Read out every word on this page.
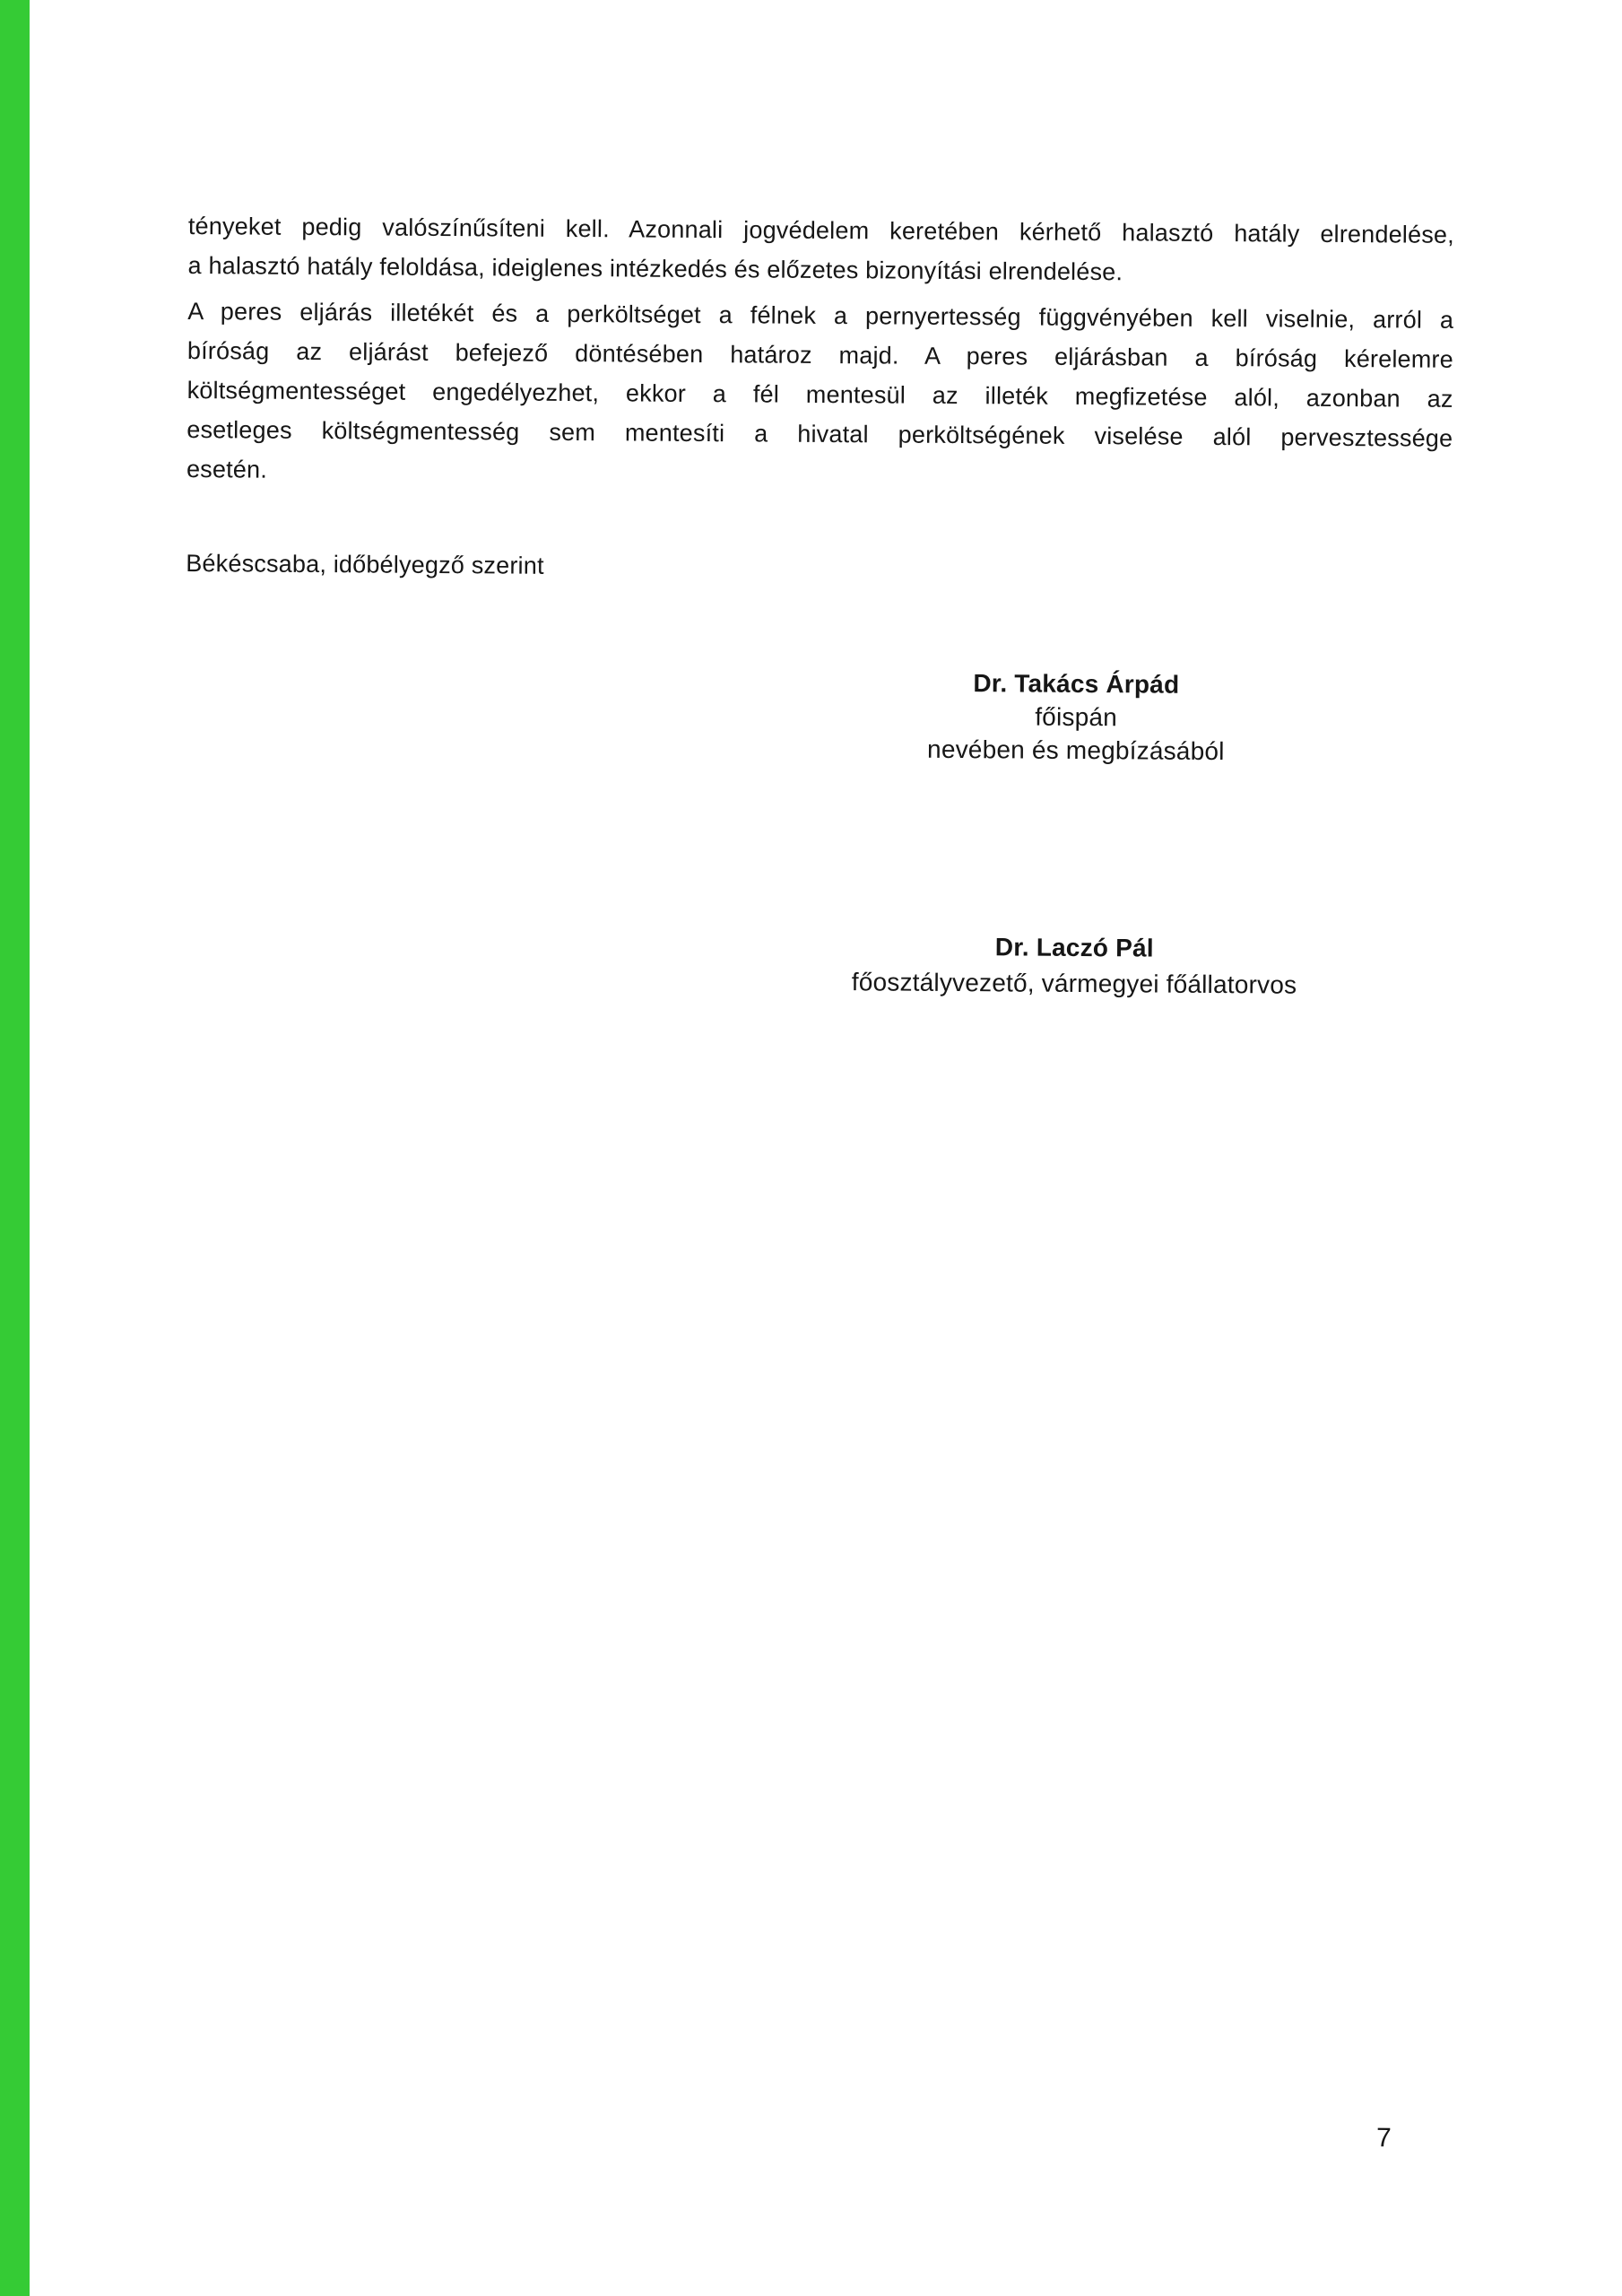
tényeket pedig valószínűsíteni kell. Azonnali jogvédelem keretében kérhető halasztó hatály elrendelése,
a halasztó hatály feloldása, ideiglenes intézkedés és előzetes bizonyítási elrendelése.
A peres eljárás illetékét és a perköltséget a félnek a pernyertesség függvényében kell viselnie, arról a
bíróság az eljárást befejező döntésében határoz majd. A peres eljárásban a bíróság kérelemre
költségmentességet engedélyezhet, ekkor a fél mentesül az illeték megfizetése alól, azonban az
esetleges költségmentesség sem mentesíti a hivatal perköltségének viselése alól pervesztessége
esetén.
Békéscsaba, időbélyegző szerint
Dr. Takács Árpád
főispán
nevében és megbízásából
Dr. Laczó Pál
főosztályvezető, vármegyei főállatorvos
7
